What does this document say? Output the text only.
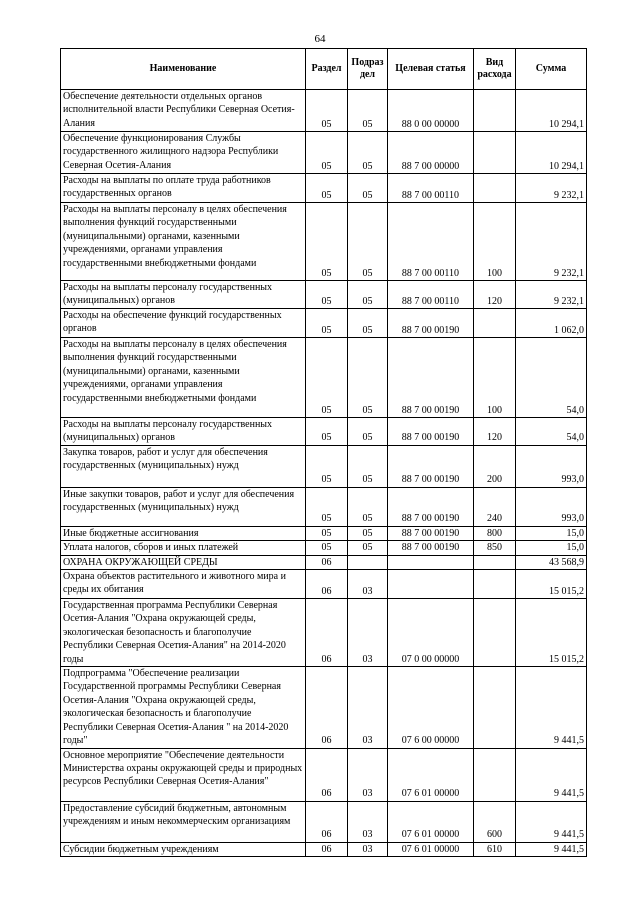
64
Наименование	Раздел	Подраз дел	Целевая статья	Вид расхода	Сумма
Обеспечение деятельности отдельных органов исполнительной власти Республики Северная Осетия-Алания	05	05	88 0 00 00000		10 294,1
Обеспечение функционирования Службы государственного жилищного надзора Республики Северная Осетия-Алания	05	05	88 7 00 00000		10 294,1
Расходы на выплаты по оплате труда работников государственных органов	05	05	88 7 00 00110		9 232,1
Расходы на выплаты персоналу в целях обеспечения выполнения функций государственными (муниципальными) органами, казенными учреждениями, органами управления государственными внебюджетными фондами	05	05	88 7 00 00110	100	9 232,1
Расходы на выплаты персоналу государственных (муниципальных) органов	05	05	88 7 00 00110	120	9 232,1
Расходы на обеспечение функций государственных органов	05	05	88 7 00 00190		1 062,0
Расходы на выплаты персоналу в целях обеспечения выполнения функций государственными (муниципальными) органами, казенными учреждениями, органами управления государственными внебюджетными фондами	05	05	88 7 00 00190	100	54,0
Расходы на выплаты персоналу государственных (муниципальных) органов	05	05	88 7 00 00190	120	54,0
Закупка товаров, работ и услуг для обеспечения государственных (муниципальных) нужд	05	05	88 7 00 00190	200	993,0
Иные закупки товаров, работ и услуг для обеспечения государственных (муниципальных) нужд	05	05	88 7 00 00190	240	993,0
Иные бюджетные ассигнования	05	05	88 7 00 00190	800	15,0
Уплата налогов, сборов и иных платежей	05	05	88 7 00 00190	850	15,0
ОХРАНА ОКРУЖАЮЩЕЙ СРЕДЫ	06				43 568,9
Охрана объектов растительного и животного мира и среды их обитания	06	03			15 015,2
Государственная программа Республики Северная Осетия-Алания "Охрана окружающей среды, экологическая безопасность и благополучие Республики Северная Осетия-Алания" на 2014-2020 годы	06	03	07 0 00 00000		15 015,2
Подпрограмма "Обеспечение реализации Государственной программы Республики Северная Осетия-Алания "Охрана окружающей среды, экологическая безопасность и благополучие Республики Северная Осетия-Алания " на 2014-2020 годы"	06	03	07 6 00 00000		9 441,5
Основное мероприятие "Обеспечение деятельности Министерства охраны окружающей среды и природных ресурсов Республики Северная Осетия-Алания"	06	03	07 6 01 00000		9 441,5
Предоставление субсидий бюджетным, автономным учреждениям и иным некоммерческим организациям	06	03	07 6 01 00000	600	9 441,5
Субсидии бюджетным учреждениям	06	03	07 6 01 00000	610	9 441,5
